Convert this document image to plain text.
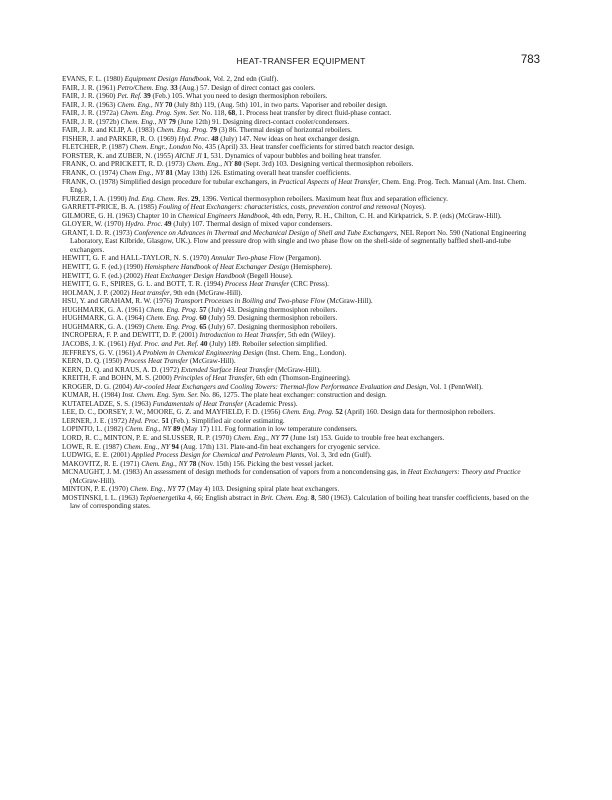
HEAT-TRANSFER EQUIPMENT	783
EVANS, F. L. (1980) Equipment Design Handbook, Vol. 2, 2nd edn (Gulf).
FAIR, J. R. (1961) Petro/Chem. Eng. 33 (Aug.) 57. Design of direct contact gas coolers.
FAIR, J. R. (1960) Pet. Ref. 39 (Feb.) 105. What you need to design thermosiphon reboilers.
FAIR, J. R. (1963) Chem. Eng., NY 70 (July 8th) 119, (Aug. 5th) 101, in two parts. Vaporiser and reboiler design.
FAIR, J. R. (1972a) Chem. Eng. Prog. Sym. Ser. No. 118, 68, 1. Process heat transfer by direct fluid-phase contact.
FAIR, J. R. (1972b) Chem. Eng., NY 79 (June 12th) 91. Designing direct-contact cooler/condensers.
FAIR, J. R. and KLIP, A. (1983) Chem. Eng. Prog. 79 (3) 86. Thermal design of horizontal reboilers.
FISHER, J. and PARKER, R. O. (1969) Hyd. Proc. 48 (July) 147. New ideas on heat exchanger design.
FLETCHER, P. (1987) Chem. Engr., London No. 435 (April) 33. Heat transfer coefficients for stirred batch reactor design.
FORSTER, K. and ZUBER, N. (1955) AIChE Jl 1, 531. Dynamics of vapour bubbles and boiling heat transfer.
FRANK, O. and PRICKETT, R. D. (1973) Chem. Eng., NY 80 (Sept. 3rd) 103. Designing vertical thermosiphon reboilers.
FRANK, O. (1974) Chem Eng., NY 81 (May 13th) 126. Estimating overall heat transfer coefficients.
FRANK, O. (1978) Simplified design procedure for tubular exchangers, in Practical Aspects of Heat Transfer, Chem. Eng. Prog. Tech. Manual (Am. Inst. Chem. Eng.).
FURZER, I. A. (1990) Ind. Eng. Chem. Res. 29, 1396. Vertical thermosyphon reboilers. Maximum heat flux and separation efficiency.
GARRETT-PRICE, B. A. (1985) Fouling of Heat Exchangers: characteristics, costs, prevention control and removal (Noyes).
GILMORE, G. H. (1963) Chapter 10 in Chemical Engineers Handbook, 4th edn, Perry, R. H., Chilton, C. H. and Kirkpatrick, S. P. (eds) (McGraw-Hill).
GLOYER, W. (1970) Hydro. Proc. 49 (July) 107. Thermal design of mixed vapor condensers.
GRANT, I. D. R. (1973) Conference on Advances in Thermal and Mechanical Design of Shell and Tube Exchangers, NEL Report No. 590 (National Engineering Laboratory, East Kilbride, Glasgow, UK.). Flow and pressure drop with single and two phase flow on the shell-side of segmentally baffled shell-and-tube exchangers.
HEWITT, G. F. and HALL-TAYLOR, N. S. (1970) Annular Two-phase Flow (Pergamon).
HEWITT, G. F. (ed.) (1990) Hemisphere Handbook of Heat Exchanger Design (Hemisphere).
HEWITT, G. F. (ed.) (2002) Heat Exchanger Design Handbook (Begell House).
HEWITT, G. F., SPIRES, G. L. and BOTT, T. R. (1994) Process Heat Transfer (CRC Press).
HOLMAN, J. P. (2002) Heat transfer, 9th edn (McGraw-Hill).
HSU, Y. and GRAHAM, R. W. (1976) Transport Processes in Boiling and Two-phase Flow (McGraw-Hill).
HUGHMARK, G. A. (1961) Chem. Eng. Prog. 57 (July) 43. Designing thermosiphon reboilers.
HUGHMARK, G. A. (1964) Chem. Eng. Prog. 60 (July) 59. Designing thermosiphon reboilers.
HUGHMARK, G. A. (1969) Chem. Eng. Prog. 65 (July) 67. Designing thermosiphon reboilers.
INCROPERA, F. P. and DEWITT, D. P. (2001) Introduction to Heat Transfer, 5th edn (Wiley).
JACOBS, J. K. (1961) Hyd. Proc. and Pet. Ref. 40 (July) 189. Reboiler selection simplified.
JEFFREYS, G. V. (1961) A Problem in Chemical Engineering Design (Inst. Chem. Eng., London).
KERN, D. Q. (1950) Process Heat Transfer (McGraw-Hill).
KERN, D. Q. and KRAUS, A. D. (1972) Extended Surface Heat Transfer (McGraw-Hill).
KREITH, F. and BOHN, M. S. (2000) Principles of Heat Transfer, 6th edn (Thomson-Engineering).
KROGER, D. G. (2004) Air-cooled Heat Exchangers and Cooling Towers: Thermal-flow Performance Evaluation and Design, Vol. 1 (PennWell).
KUMAR, H. (1984) Inst. Chem. Eng. Sym. Ser. No. 86, 1275. The plate heat exchanger: construction and design.
KUTATELADZE, S. S. (1963) Fundamentals of Heat Transfer (Academic Press).
LEE, D. C., DORSEY, J. W., MOORE, G. Z. and MAYFIELD, F. D. (1956) Chem. Eng. Prog. 52 (April) 160. Design data for thermosiphon reboilers.
LERNER, J. E. (1972) Hyd. Proc. 51 (Feb.). Simplified air cooler estimating.
LOPINTO, L. (1982) Chem. Eng., NY 89 (May 17) 111. Fog formation in low temperature condensers.
LORD, R. C., MINTON, P. E. and SLUSSER, R. P. (1970) Chem. Eng., NY 77 (June 1st) 153. Guide to trouble free heat exchangers.
LOWE, R. E. (1987) Chem. Eng., NY 94 (Aug. 17th) 131. Plate-and-fin heat exchangers for cryogenic service.
LUDWIG, E. E. (2001) Applied Process Design for Chemical and Petroleum Plants, Vol. 3, 3rd edn (Gulf).
MAKOVITZ, R. E. (1971) Chem. Eng., NY 78 (Nov. 15th) 156. Picking the best vessel jacket.
MCNAUGHT, J. M. (1983) An assessment of design methods for condensation of vapors from a noncondensing gas, in Heat Exchangers: Theory and Practice (McGraw-Hill).
MINTON, P. E. (1970) Chem. Eng., NY 77 (May 4) 103. Designing spiral plate heat exchangers.
MOSTINSKI, I. L. (1963) Teploenergetika 4, 66; English abstract in Brit. Chem. Eng. 8, 580 (1963). Calculation of boiling heat transfer coefficients, based on the law of corresponding states.
